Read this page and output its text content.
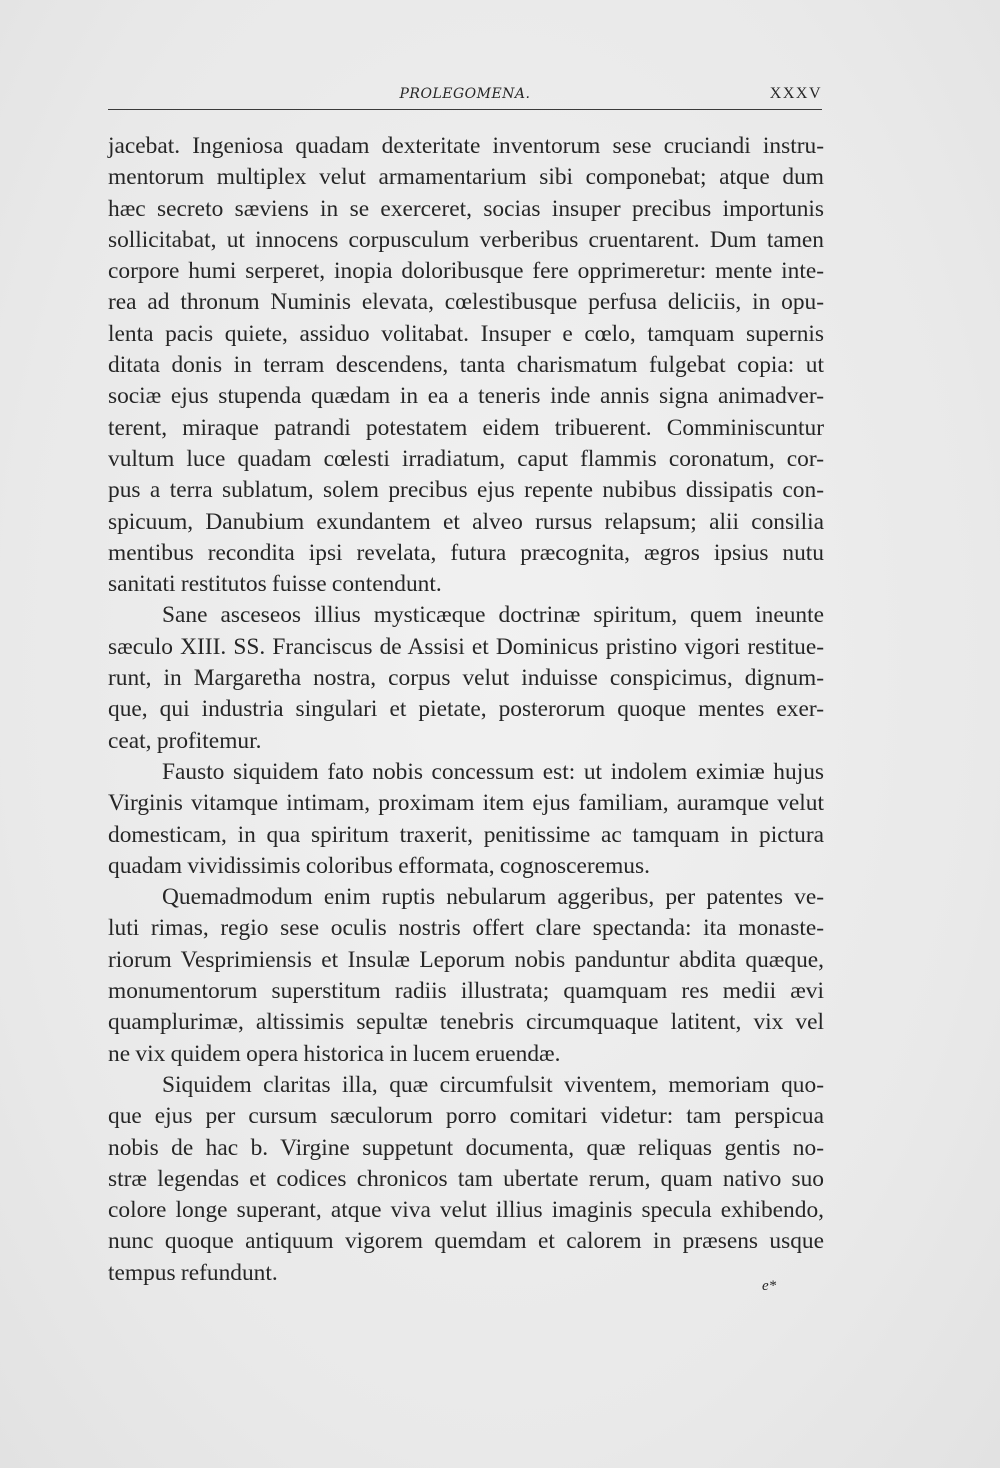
PROLEGOMENA.	XXXV
jacebat. Ingeniosa quadam dexteritate inventorum sese cruciandi instru-
mentorum multiplex velut armamentarium sibi componebat; atque dum
hæc secreto sæviens in se exerceret, socias insuper precibus importunis
sollicitabat, ut innocens corpusculum verberibus cruentarent. Dum tamen
corpore humi serperet, inopia doloribusque fere opprimeretur: mente inte-
rea ad thronum Numinis elevata, cœlestibusque perfusa deliciis, in opu-
lenta pacis quiete, assiduo volitabat. Insuper e cœlo, tamquam supernis
ditata donis in terram descendens, tanta charismatum fulgebat copia: ut
sociæ ejus stupenda quædam in ea a teneris inde annis signa animadver-
terent, miraque patrandi potestatem eidem tribuerent. Comminiscuntur
vultum luce quadam cœlesti irradiatum, caput flammis coronatum, cor-
pus a terra sublatum, solem precibus ejus repente nubibus dissipatis con-
spicuum, Danubium exundantem et alveo rursus relapsum; alii consilia
mentibus recondita ipsi revelata, futura præcognita, ægros ipsius nutu
sanitati restitutos fuisse contendunt.
Sane asceseos illius mysticæque doctrinæ spiritum, quem ineunte
sæculo XIII. SS. Franciscus de Assisi et Dominicus pristino vigori restitue-
runt, in Margaretha nostra, corpus velut induisse conspicimus, dignum-
que, qui industria singulari et pietate, posterorum quoque mentes exer-
ceat, profitemur.
Fausto siquidem fato nobis concessum est: ut indolem eximiæ hujus
Virginis vitamque intimam, proximam item ejus familiam, auramque velut
domesticam, in qua spiritum traxerit, penitissime ac tamquam in pictura
quadam vividissimis coloribus efformata, cognosceremus.
Quemadmodum enim ruptis nebularum aggeribus, per patentes ve-
luti rimas, regio sese oculis nostris offert clare spectanda: ita monaste-
riorum Vesprimiensis et Insulæ Leporum nobis panduntur abdita quæque,
monumentorum superstitum radiis illustrata; quamquam res medii ævi
quamplurimæ, altissimis sepultæ tenebris circumquaque latitent, vix vel
ne vix quidem opera historica in lucem eruendæ.
Siquidem claritas illa, quæ circumfulsit viventem, memoriam quo-
que ejus per cursum sæculorum porro comitari videtur: tam perspicua
nobis de hac b. Virgine suppetunt documenta, quæ reliquas gentis no-
stræ legendas et codices chronicos tam ubertate rerum, quam nativo suo
colore longe superant, atque viva velut illius imaginis specula exhibendo,
nunc quoque antiquum vigorem quemdam et calorem in præsens usque
tempus refundunt.
e*
